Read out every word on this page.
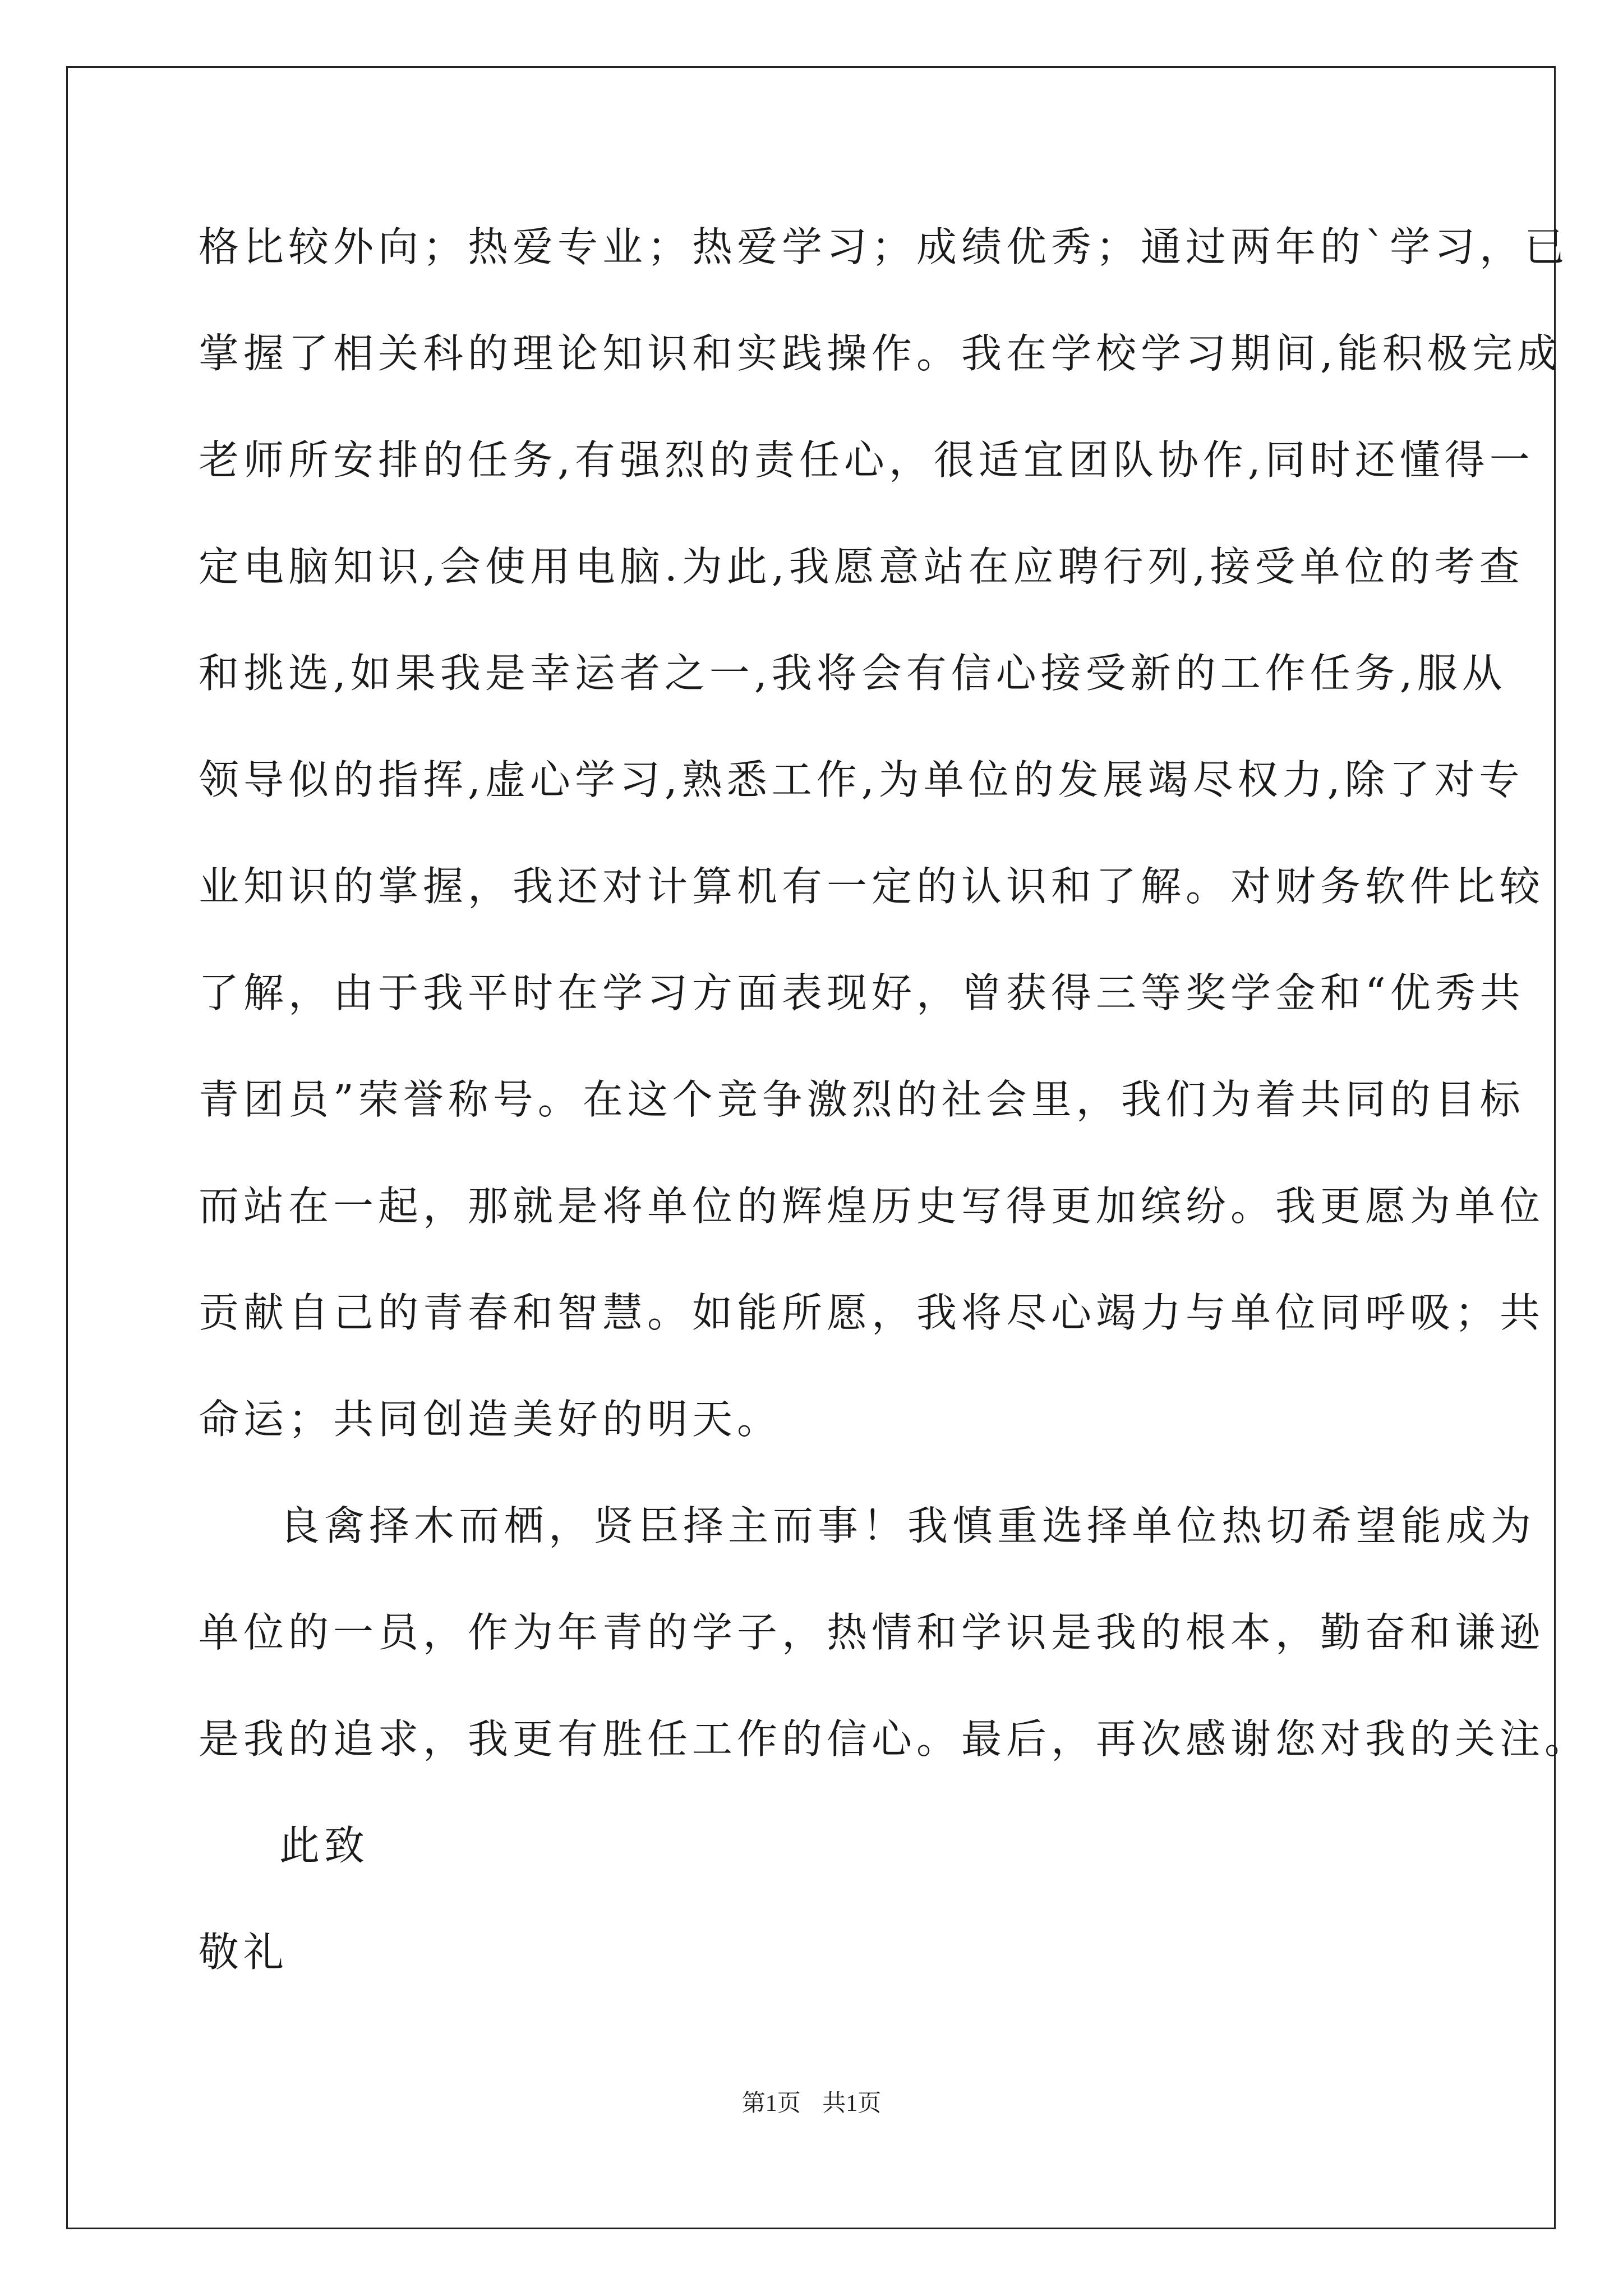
格比较外向；热爱专业；热爱学习；成绩优秀；通过两年的`学习，已
掌握了相关科的理论知识和实践操作。我在学校学习期间,能积极完成
老师所安排的任务,有强烈的责任心，很适宜团队协作,同时还懂得一
定电脑知识,会使用电脑.为此,我愿意站在应聘行列,接受单位的考查
和挑选,如果我是幸运者之一,我将会有信心接受新的工作任务,服从
领导似的指挥,虚心学习,熟悉工作,为单位的发展竭尽权力,除了对专
业知识的掌握，我还对计算机有一定的认识和了解。对财务软件比较
了解，由于我平时在学习方面表现好，曾获得三等奖学金和“优秀共
青团员”荣誉称号。在这个竞争激烈的社会里，我们为着共同的目标
而站在一起，那就是将单位的辉煌历史写得更加缤纷。我更愿为单位
贡献自己的青春和智慧。如能所愿，我将尽心竭力与单位同呼吸；共
命运；共同创造美好的明天。
良禽择木而栖，贤臣择主而事！我慎重选择单位热切希望能成为
单位的一员，作为年青的学子，热情和学识是我的根本，勤奋和谦逊
是我的追求，我更有胜任工作的信心。最后，再次感谢您对我的关注。
此致
敬礼
第1页 共1页
